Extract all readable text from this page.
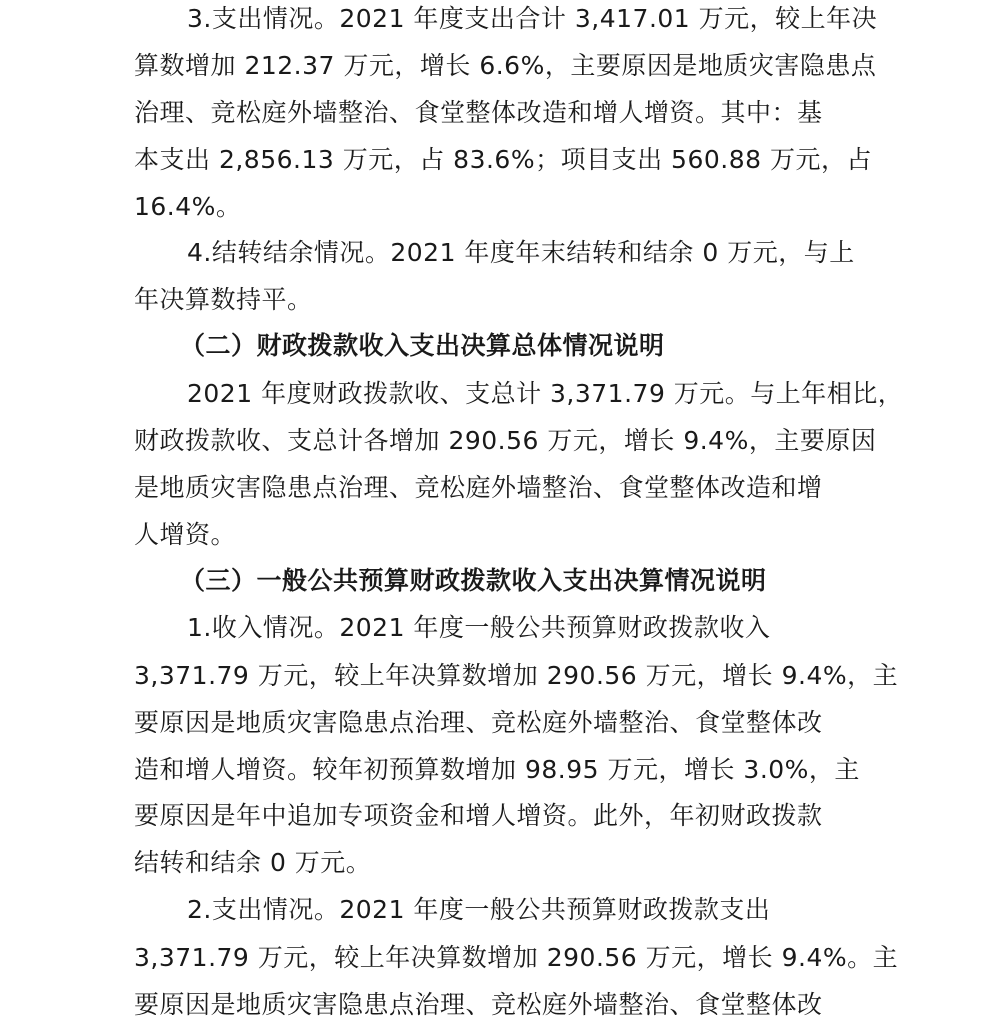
3.支出情况。2021 年度支出合计 3,417.01 万元，较上年决
算数增加 212.37 万元，增长 6.6%，主要原因是地质灾害隐患点
治理、竞松庭外墙整治、食堂整体改造和增人增资。其中：基
本支出 2,856.13 万元，占 83.6%；项目支出 560.88 万元，占
16.4%。
4.结转结余情况。2021 年度年末结转和结余 0 万元，与上
年决算数持平。
（二）财政拨款收入支出决算总体情况说明
2021 年度财政拨款收、支总计 3,371.79 万元。与上年相比，
财政拨款收、支总计各增加 290.56 万元，增长 9.4%，主要原因
是地质灾害隐患点治理、竞松庭外墙整治、食堂整体改造和增
人增资。
（三）一般公共预算财政拨款收入支出决算情况说明
1.收入情况。2021 年度一般公共预算财政拨款收入
3,371.79 万元，较上年决算数增加 290.56 万元，增长 9.4%，主
要原因是地质灾害隐患点治理、竞松庭外墙整治、食堂整体改
造和增人增资。较年初预算数增加 98.95 万元，增长 3.0%，主
要原因是年中追加专项资金和增人增资。此外，年初财政拨款
结转和结余 0 万元。
2.支出情况。2021 年度一般公共预算财政拨款支出
3,371.79 万元，较上年决算数增加 290.56 万元，增长 9.4%。主
要原因是地质灾害隐患点治理、竞松庭外墙整治、食堂整体改
